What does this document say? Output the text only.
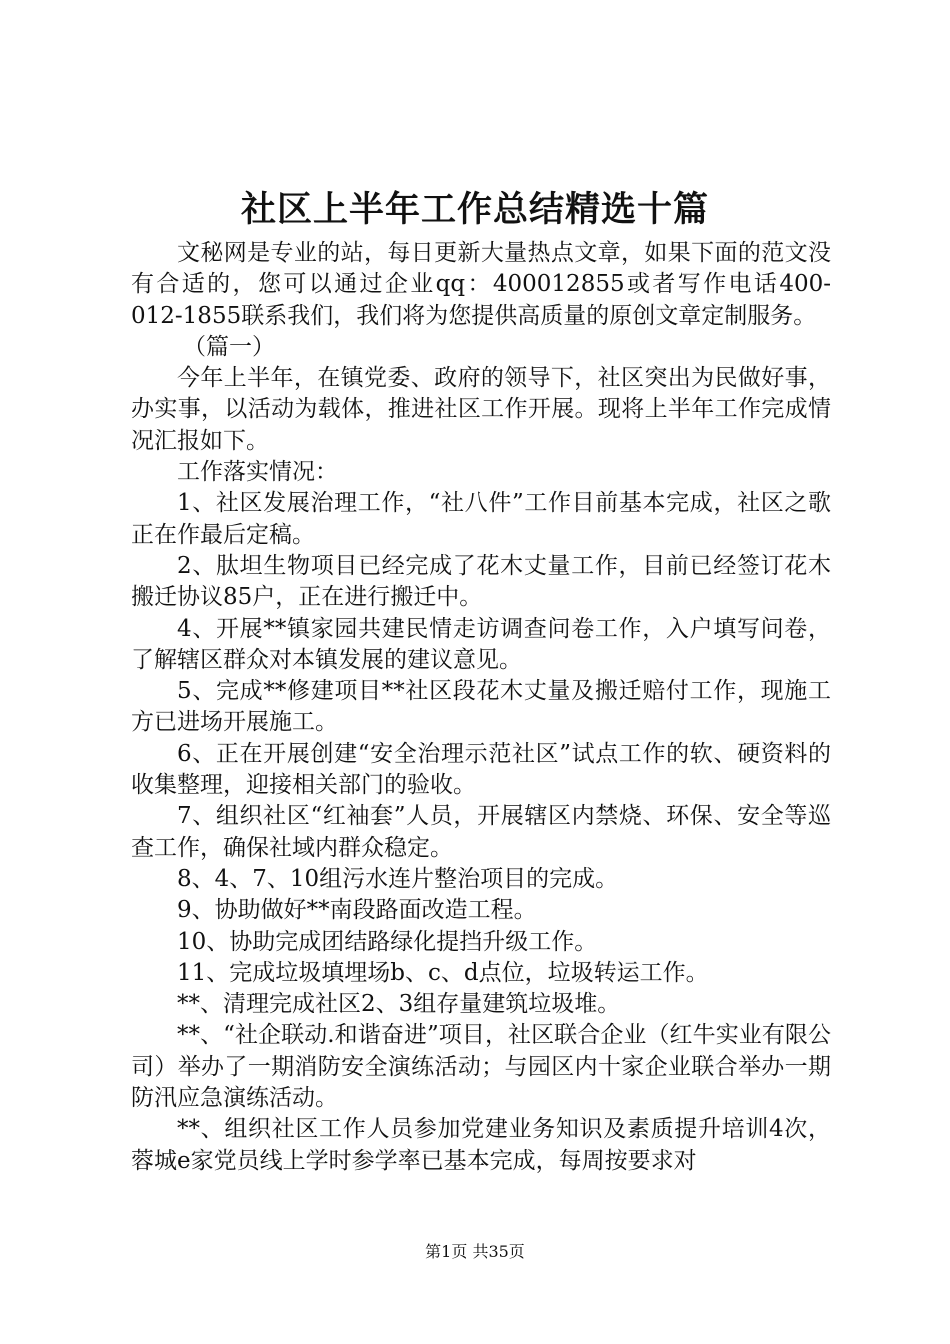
社区上半年工作总结精选十篇

文秘网是专业的站，每日更新大量热点文章，如果下面的范文没有合适的，您可以通过企业qq：400012855或者写作电话400-012-1855联系我们，我们将为您提供高质量的原创文章定制服务。

（篇一）

今年上半年，在镇党委、政府的领导下，社区突出为民做好事，办实事，以活动为载体，推进社区工作开展。现将上半年工作完成情况汇报如下。

工作落实情况：

1、社区发展治理工作，“社八件”工作目前基本完成，社区之歌正在作最后定稿。

2、肽坦生物项目已经完成了花木丈量工作，目前已经签订花木搬迁协议85户，正在进行搬迁中。

4、开展**镇家园共建民情走访调查问卷工作，入户填写问卷，了解辖区群众对本镇发展的建议意见。

5、完成**修建项目**社区段花木丈量及搬迁赔付工作，现施工方已进场开展施工。

6、正在开展创建“安全治理示范社区”试点工作的软、硬资料的收集整理，迎接相关部门的验收。

7、组织社区“红袖套”人员，开展辖区内禁烧、环保、安全等巡查工作，确保社域内群众稳定。

8、4、7、10组污水连片整治项目的完成。

9、协助做好**南段路面改造工程。

10、协助完成团结路绿化提挡升级工作。

11、完成垃圾填埋场b、c、d点位，垃圾转运工作。

**、清理完成社区2、3组存量建筑垃圾堆。

**、“社企联动.和谐奋进”项目，社区联合企业（红牛实业有限公司）举办了一期消防安全演练活动；与园区内十家企业联合举办一期防汛应急演练活动。

**、组织社区工作人员参加党建业务知识及素质提升培训4次，蓉城e家党员线上学时参学率已基本完成，每周按要求对

第1页 共35页
